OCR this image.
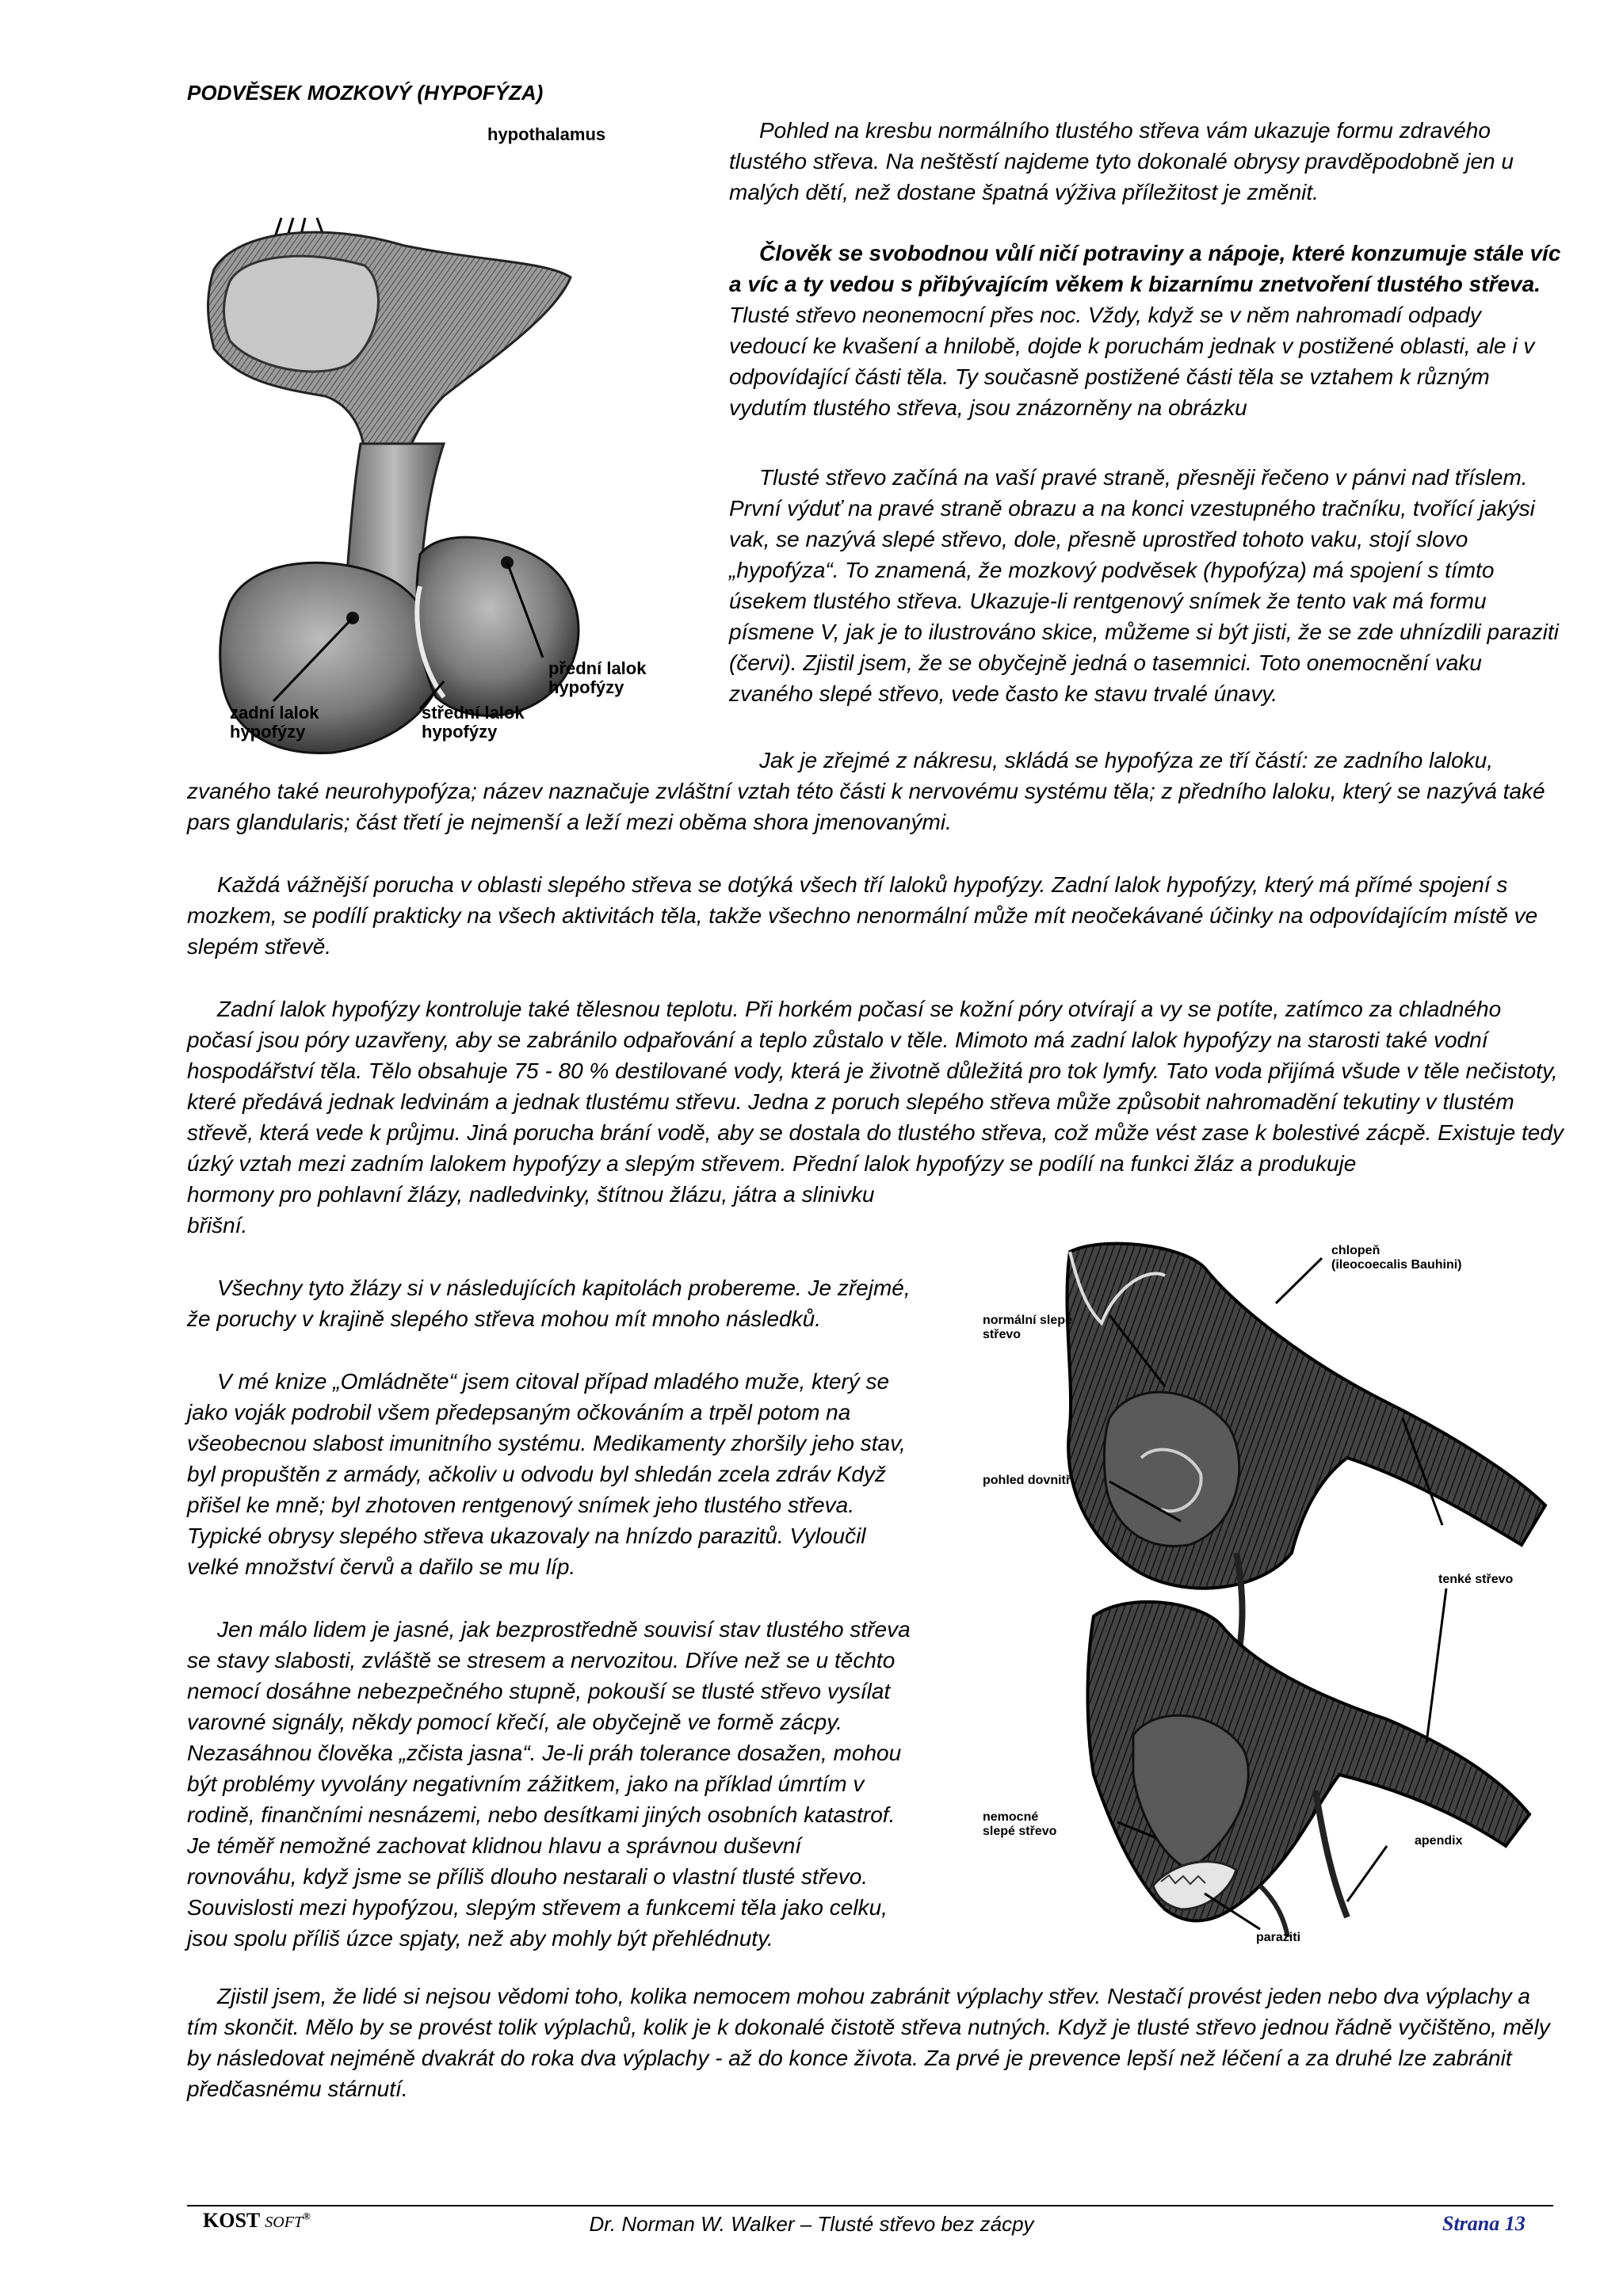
PODVĚSEK MOZKOVÝ (HYPOFÝZA)
hypothalamus
přední lalok
hypofýzy
zadní lalok
hypofýzy
střední lalok
hypofýzy

Pohled na kresbu normálního tlustého střeva vám ukazuje formu zdravého tlustého střeva. Na neštěstí najdeme tyto dokonalé obrysy pravděpodobně jen u malých dětí, než dostane špatná výživa příležitost je změnit.

Člověk se svobodnou vůlí ničí potraviny a nápoje, které konzumuje stále víc a víc a ty vedou s přibývajícím věkem k bizarnímu znetvoření tlustého střeva. Tlusté střevo neonemocní přes noc. Vždy, když se v něm nahromadí odpady vedoucí ke kvašení a hnilobě, dojde k poruchám jednak v postižené oblasti, ale i v odpovídající části těla. Ty současně postižené části těla se vztahem k různým vydutím tlustého střeva, jsou znázorněny na obrázku

Tlusté střevo začíná na vaší pravé straně, přesněji řečeno v pánvi nad tříslem. První výduť na pravé straně obrazu a na konci vzestupného tračníku, tvořící jakýsi vak, se nazývá slepé střevo, dole, přesně uprostřed tohoto vaku, stojí slovo „hypofýza“. To znamená, že mozkový podvěsek (hypofýza) má spojení s tímto úsekem tlustého střeva. Ukazuje-li rentgenový snímek že tento vak má formu písmene V, jak je to ilustrováno skice, můžeme si být jisti, že se zde uhnízdili paraziti (červi). Zjistil jsem, že se obyčejně jedná o tasemnici. Toto onemocnění vaku zvaného slepé střevo, vede často ke stavu trvalé únavy.

Jak je zřejmé z nákresu, skládá se hypofýza ze tří částí: ze zadního laloku,

zvaného také neurohypofýza; název naznačuje zvláštní vztah této části k nervovému systému těla; z předního laloku, který se nazývá také pars glandularis; část třetí je nejmenší a leží mezi oběma shora jmenovanými.

Každá vážnější porucha v oblasti slepého střeva se dotýká všech tří laloků hypofýzy. Zadní lalok hypofýzy, který má přímé spojení s mozkem, se podílí prakticky na všech aktivitách těla, takže všechno nenormální může mít neočekávané účinky na odpovídajícím místě ve slepém střevě.

Zadní lalok hypofýzy kontroluje také tělesnou teplotu. Při horkém počasí se kožní póry otvírají a vy se potíte, zatímco za chladného počasí jsou póry uzavřeny, aby se zabránilo odpařování a teplo zůstalo v těle. Mimoto má zadní lalok hypofýzy na starosti také vodní hospodářství těla. Tělo obsahuje 75 - 80 % destilované vody, která je životně důležitá pro tok lymfy. Tato voda přijímá všude v těle nečistoty, které předává jednak ledvinám a jednak tlustému střevu. Jedna z poruch slepého střeva může způsobit nahromadění tekutiny v tlustém střevě, která vede k průjmu. Jiná porucha brání vodě, aby se dostala do tlustého střeva, což může vést zase k bolestivé zácpě. Existuje tedy úzký vztah mezi zadním lalokem hypofýzy a slepým střevem. Přední lalok hypofýzy se podílí na funkci žláz a produkuje

hormony pro pohlavní žlázy, nadledvinky, štítnou žlázu, játra a slinivku břišní.

Všechny tyto žlázy si v následujících kapitolách probereme. Je zřejmé, že poruchy v krajině slepého střeva mohou mít mnoho následků.

V mé knize „Omládněte“ jsem citoval případ mladého muže, který se jako voják podrobil všem předepsaným očkováním a trpěl potom na všeobecnou slabost imunitního systému. Medikamenty zhoršily jeho stav, byl propuštěn z armády, ačkoliv u odvodu byl shledán zcela zdráv Když přišel ke mně; byl zhotoven rentgenový snímek jeho tlustého střeva. Typické obrysy slepého střeva ukazovaly na hnízdo parazitů. Vyloučil velké množství červů a dařilo se mu líp.

Jen málo lidem je jasné, jak bezprostředně souvisí stav tlustého střeva se stavy slabosti, zvláště se stresem a nervozitou. Dříve než se u těchto nemocí dosáhne nebezpečného stupně, pokouší se tlusté střevo vysílat varovné signály, někdy pomocí křečí, ale obyčejně ve formě zácpy. Nezasáhnou člověka „zčista jasna“. Je-li práh tolerance dosažen, mohou být problémy vyvolány negativním zážitkem, jako na příklad úmrtím v rodině, finančními nesnázemi, nebo desítkami jiných osobních katastrof. Je téměř nemožné zachovat klidnou hlavu a správnou duševní rovnováhu, když jsme se příliš dlouho nestarali o vlastní tlusté střevo. Souvislosti mezi hypofýzou, slepým střevem a funkcemi těla jako celku, jsou spolu příliš úzce spjaty, než aby mohly být přehlédnuty.

chlopeň
(ileocoecalis Bauhini)
normální slepé
střevo
pohled dovnitř
tenké střevo
nemocné
slepé střevo
apendix
paraziti

Zjistil jsem, že lidé si nejsou vědomi toho, kolika nemocem mohou zabránit výplachy střev. Nestačí provést jeden nebo dva výplachy a tím skončit. Mělo by se provést tolik výplachů, kolik je k dokonalé čistotě střeva nutných. Když je tlusté střevo jednou řádně vyčištěno, měly by následovat nejméně dvakrát do roka dva výplachy - až do konce života. Za prvé je prevence lepší než léčení a za druhé lze zabránit předčasnému stárnutí.

KOST SOFT®	Dr. Norman W. Walker – Tlusté střevo bez zácpy	Strana 13
